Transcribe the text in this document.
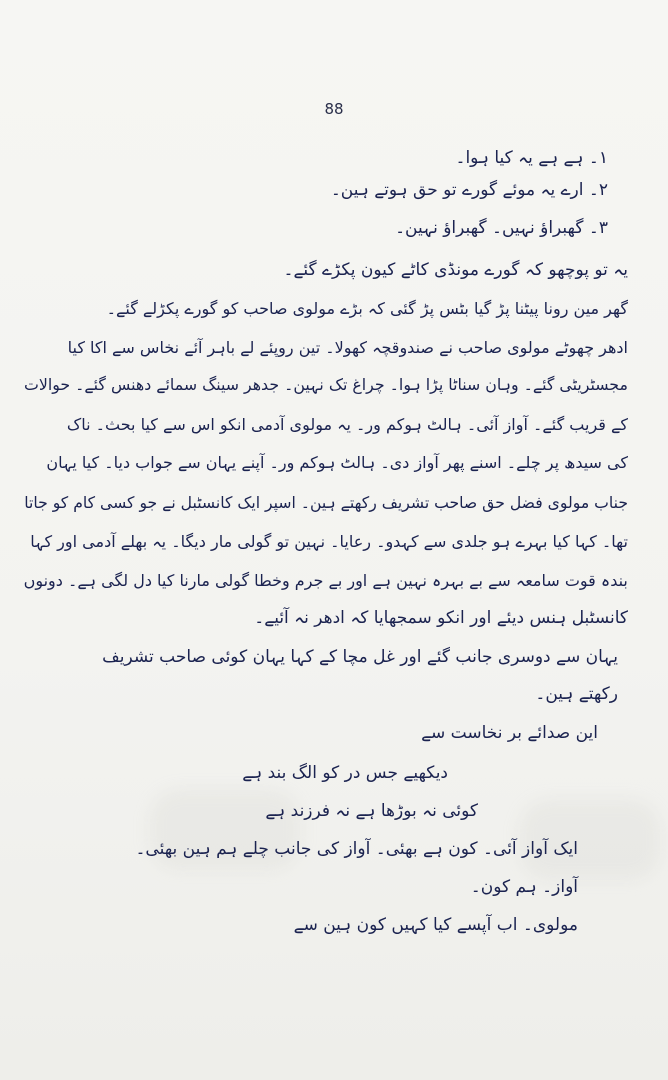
88
١۔ ہے ہے یہ کیا ہوا۔
٢۔ ارے یہ موئے گورے تو حق ہوتے ہین۔
٣۔ گھبراؤ نہیں۔ گھبراؤ نہین۔
یہ تو پوچھو کہ گورے مونڈی کاٹے کیون پکڑے گئے۔
گھر مین رونا پیٹنا پڑ گیا بٹس پڑ گئی کہ بڑے مولوی صاحب کو گورے پکڑلے گئے۔
ادھر چھوٹے مولوی صاحب نے صندوقچہ کھولا۔ تین روپئے لے باہر آئے نخاس سے اکا کیا
مجسٹریٹی گئے۔ وہان سناٹا پڑا ہوا۔ چراغ تک نہین۔ جدھر سینگ سمائے دھنس گئے۔ حوالات
کے قریب گئے۔ آواز آئی۔ ہالٹ ہوکم ور۔ یہ مولوی آدمی انکو اس سے کیا بحث۔ ناک
کی سیدھ پر چلے۔ اسنے پھر آواز دی۔ ہالٹ ہوکم ور۔ آپنے یہان سے جواب دیا۔ کیا یہان
جناب مولوی فضل حق صاحب تشریف رکھتے ہین۔ اسپر ایک کانسٹبل نے جو کسی کام کو جاتا
تھا۔ کہا کیا بہرے ہو جلدی سے کہدو۔ رعایا۔ نہین تو گولی مار دیگا۔ یہ بھلے آدمی اور کہا
بندہ قوت سامعہ سے بے بہرہ نہین ہے اور بے جرم وخطا گولی مارنا کیا دل لگی ہے۔ دونوں
کانسٹبل ہنس دیئے اور انکو سمجھایا کہ ادھر نہ آئیے۔
یہان سے دوسری جانب گئے اور غل مچا کے کہا یہان کوئی صاحب تشریف
رکھتے ہین۔
این صدائے بر نخاست سے
دیکھیے جس در کو الگ بند ہے
کوئی نہ بوڑھا ہے نہ فرزند ہے
ایک آواز آئی۔ کون ہے بھئی۔ آواز کی جانب چلے ہم ہین بھئی۔
آواز۔ ہم کون۔
مولوی۔ اب آپسے کیا کہیں کون ہین سے
